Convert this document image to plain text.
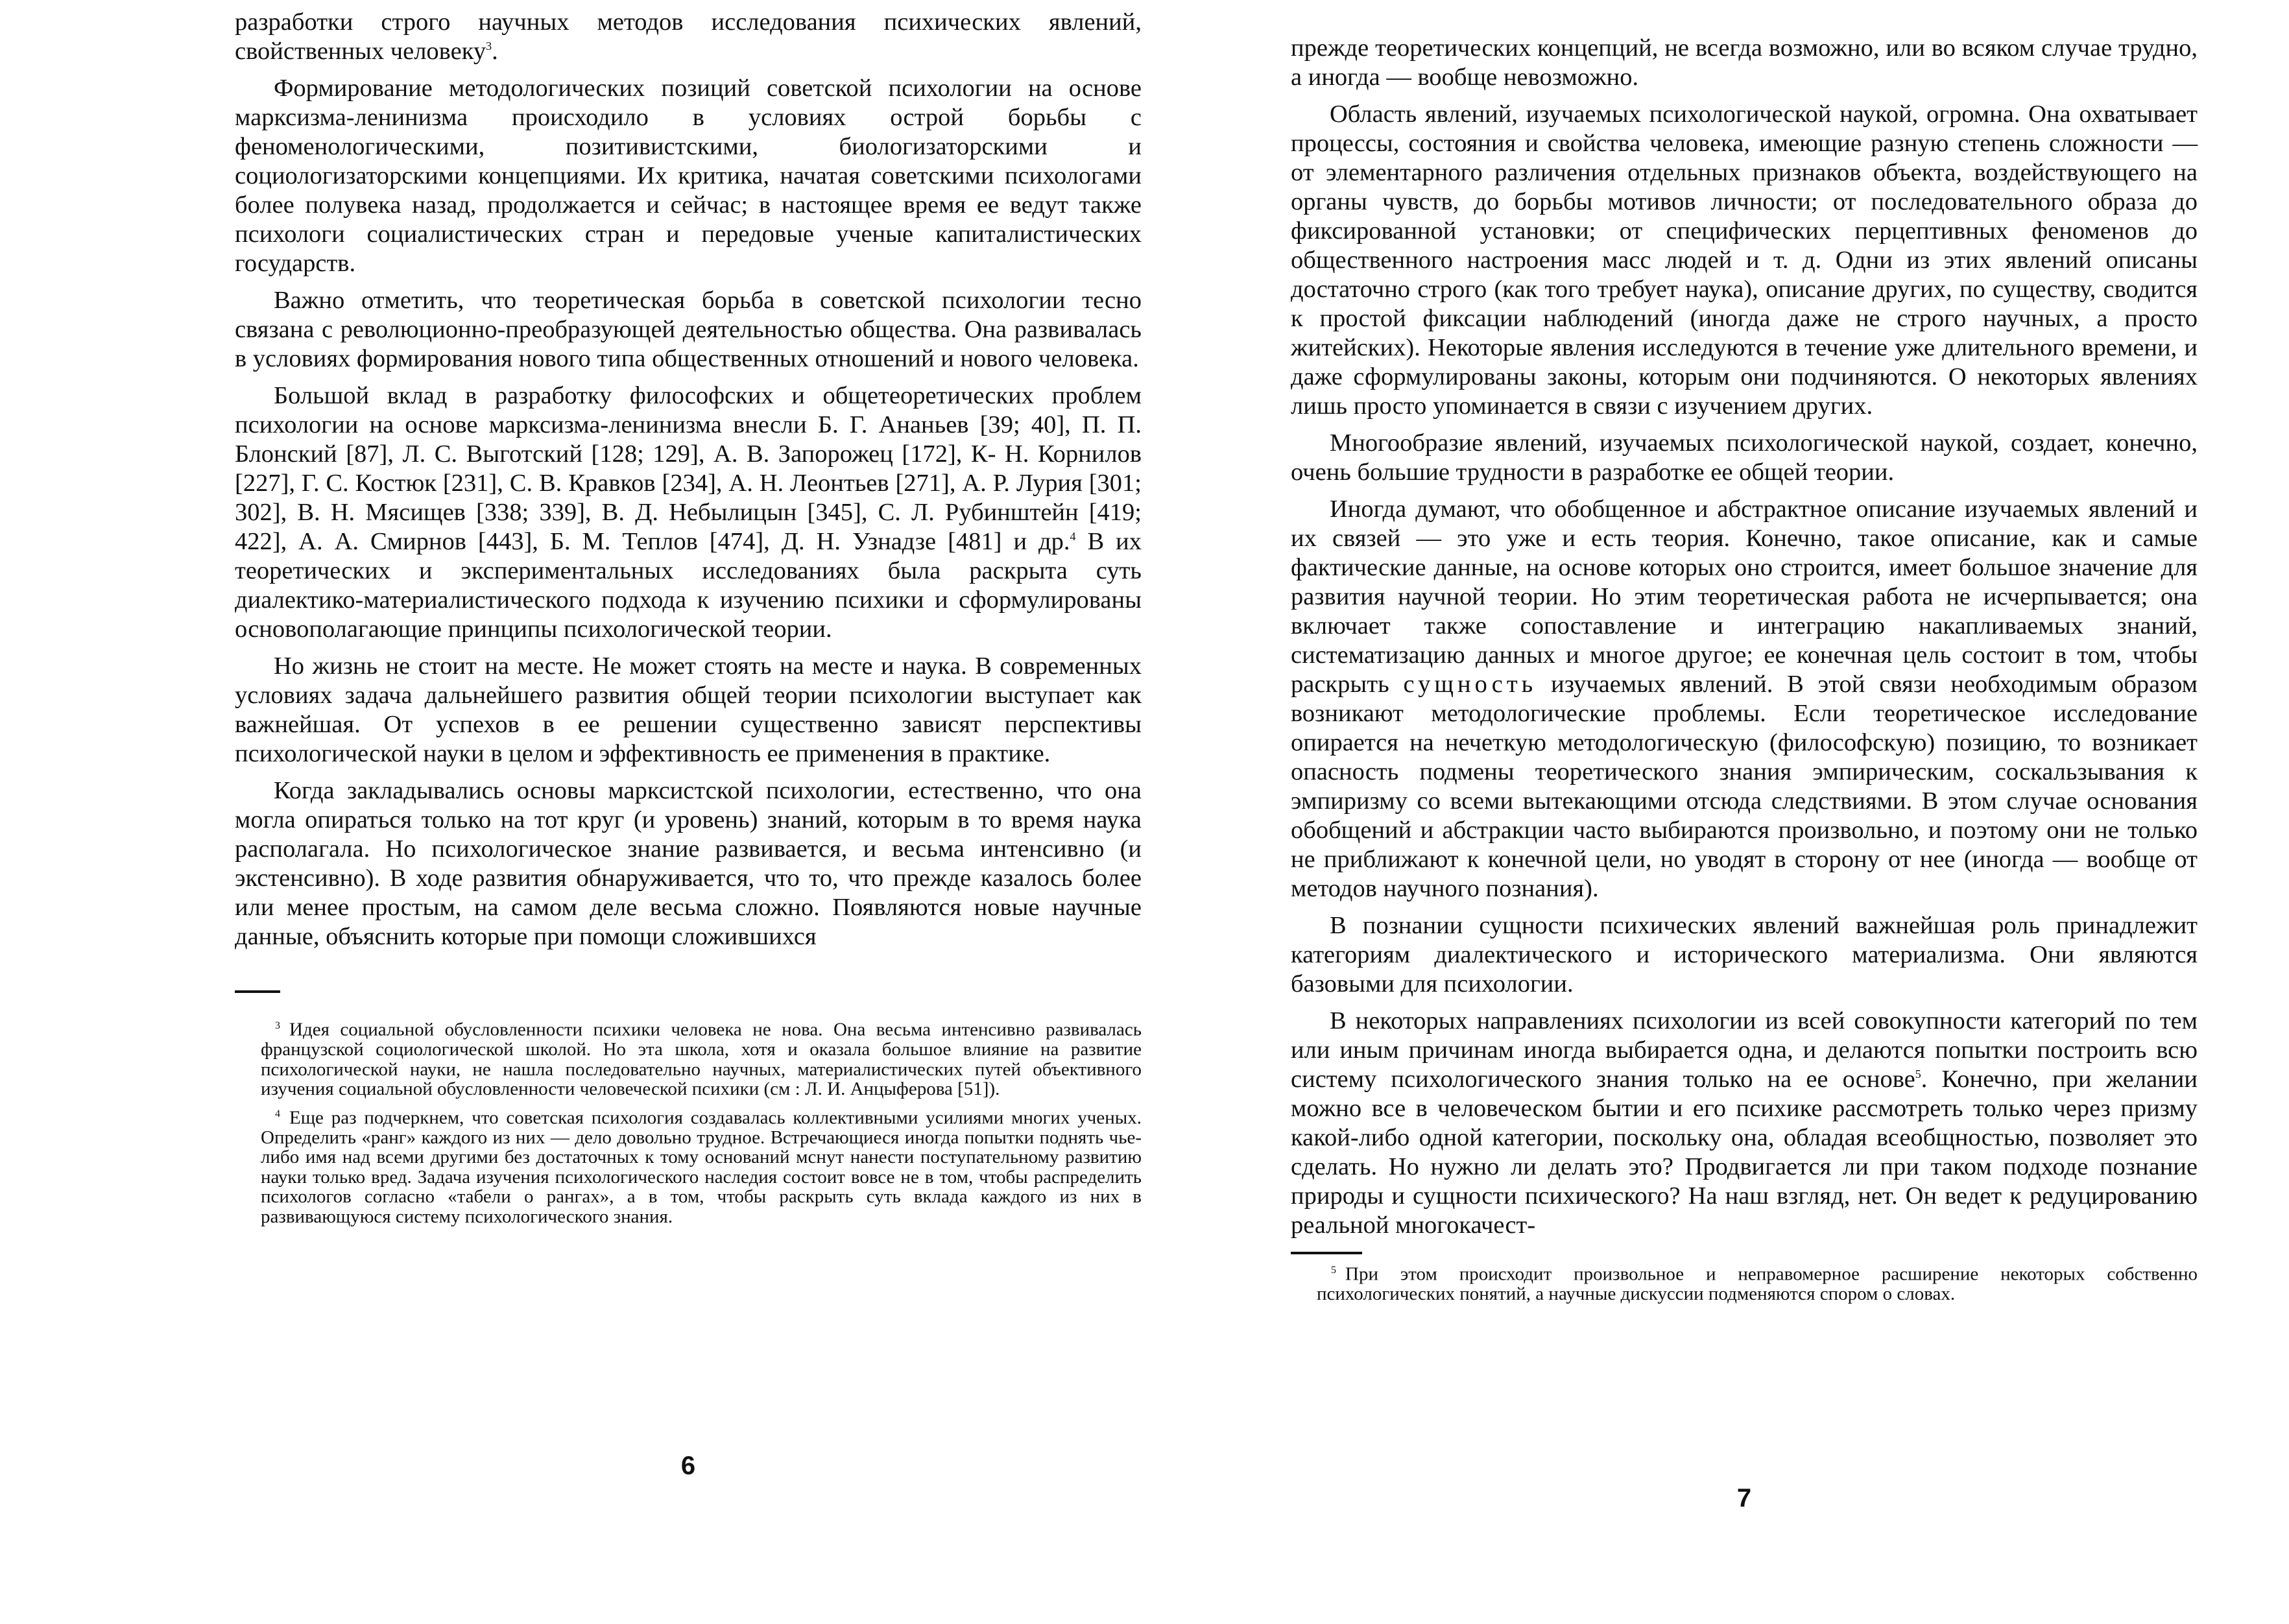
разработки строго научных методов исследования психических явлений, свойственных человеку$^3$.

Формирование методологических позиций советской психологии на основе марксизма-ленинизма происходило в условиях острой борьбы с феноменологическими, позитивистскими, биологизаторскими и социологизаторскими концепциями. Их критика, начатая советскими психологами более полувека назад, продолжается и сейчас; в настоящее время ее ведут также психологи социалистических стран и передовые ученые капиталистических государств.

Важно отметить, что теоретическая борьба в советской психологии тесно связана с революционно-преобразующей деятельностью общества. Она развивалась в условиях формирования нового типа общественных отношений и нового человека.

Большой вклад в разработку философских и общетеоретических проблем психологии на основе марксизма-ленинизма внесли Б. Г. Ананьев [39; 40], П. П. Блонский [87], Л. С. Выготский [128; 129], А. В. Запорожец [172], К- Н. Корнилов [227], Г. С. Костюк [231], С. В. Кравков [234], А. Н. Леонтьев [271], А. Р. Лурия [301; 302], В. Н. Мясищев [338; 339], В. Д. Небылицын [345], С. Л. Рубинштейн [419; 422], А. А. Смирнов [443], Б. М. Теплов [474], Д. Н. Узнадзе [481] и др.$^4$ В их теоретических и экспериментальных исследованиях была раскрыта суть диалектико-материалистического подхода к изучению психики и сформулированы основополагающие принципы психологической теории.

Но жизнь не стоит на месте. Не может стоять на месте и наука. В современных условиях задача дальнейшего развития общей теории психологии выступает как важнейшая. От успехов в ее решении существенно зависят перспективы психологической науки в целом и эффективность ее применения в практике.

Когда закладывались основы марксистской психологии, естественно, что она могла опираться только на тот круг (и уровень) знаний, которым в то время наука располагала. Но психологическое знание развивается, и весьма интенсивно (и экстенсивно). В ходе развития обнаруживается, что то, что прежде казалось более или менее простым, на самом деле весьма сложно. Появляются новые научные данные, объяснить которые при помощи сложившихся

$^3$ Идея социальной обусловленности психики человека не нова. Она весьма интенсивно развивалась французской социологической школой. Но эта школа, хотя и оказала большое влияние на развитие психологической науки, не нашла последовательно научных, материалистических путей объективного изучения социальной обусловленности человеческой психики (см : Л. И. Анцыферова [51]).

$^4$ Еще раз подчеркнем, что советская психология создавалась коллективными усилиями многих ученых. Определить «ранг» каждого из них — дело довольно трудное. Встречающиеся иногда попытки поднять чье-либо имя над всеми другими без достаточных к тому оснований мснут нанести поступательному развитию науки только вред. Задача изучения психологического наследия состоит вовсе не в том, чтобы распределить психологов согласно «табели о рангах», а в том, чтобы раскрыть суть вклада каждого из них в развивающуюся систему психологического знания.

6

прежде теоретических концепций, не всегда возможно, или во всяком случае трудно, а иногда — вообще невозможно.

Область явлений, изучаемых психологической наукой, огромна. Она охватывает процессы, состояния и свойства человека, имеющие разную степень сложности — от элементарного различения отдельных признаков объекта, воздействующего на органы чувств, до борьбы мотивов личности; от последовательного образа до фиксированной установки; от специфических перцептивных феноменов до общественного настроения масс людей и т. д. Одни из этих явлений описаны достаточно строго (как того требует наука), описание других, по существу, сводится к простой фиксации наблюдений (иногда даже не строго научных, а просто житейских). Некоторые явления исследуются в течение уже длительного времени, и даже сформулированы законы, которым они подчиняются. О некоторых явлениях лишь просто упоминается в связи с изучением других.

Многообразие явлений, изучаемых психологической наукой, создает, конечно, очень большие трудности в разработке ее общей теории.

Иногда думают, что обобщенное и абстрактное описание изучаемых явлений и их связей — это уже и есть теория. Конечно, такое описание, как и самые фактические данные, на основе которых оно строится, имеет большое значение для развития научной теории. Но этим теоретическая работа не исчерпывается; она включает также сопоставление и интеграцию накапливаемых знаний, систематизацию данных и многое другое; ее конечная цель состоит в том, чтобы раскрыть сущность изучаемых явлений. В этой связи необходимым образом возникают методологические проблемы. Если теоретическое исследование опирается на нечеткую методологическую (философскую) позицию, то возникает опасность подмены теоретического знания эмпирическим, соскальзывания к эмпиризму со всеми вытекающими отсюда следствиями. В этом случае основания обобщений и абстракции часто выбираются произвольно, и поэтому они не только не приближают к конечной цели, но уводят в сторону от нее (иногда — вообще от методов научного познания).

В познании сущности психических явлений важнейшая роль принадлежит категориям диалектического и исторического материализма. Они являются базовыми для психологии.

В некоторых направлениях психологии из всей совокупности категорий по тем или иным причинам иногда выбирается одна, и делаются попытки построить всю систему психологического знания только на ее основе$^5$. Конечно, при желании можно все в человеческом бытии и его психике рассмотреть только через призму какой-либо одной категории, поскольку она, обладая всеобщностью, позволяет это сделать. Но нужно ли делать это? Продвигается ли при таком подходе познание природы и сущности психического? На наш взгляд, нет. Он ведет к редуцированию реальной многокачест-

$^5$ При этом происходит произвольное и неправомерное расширение некоторых собственно психологических понятий, а научные дискуссии подменяются спором о словах.

7
